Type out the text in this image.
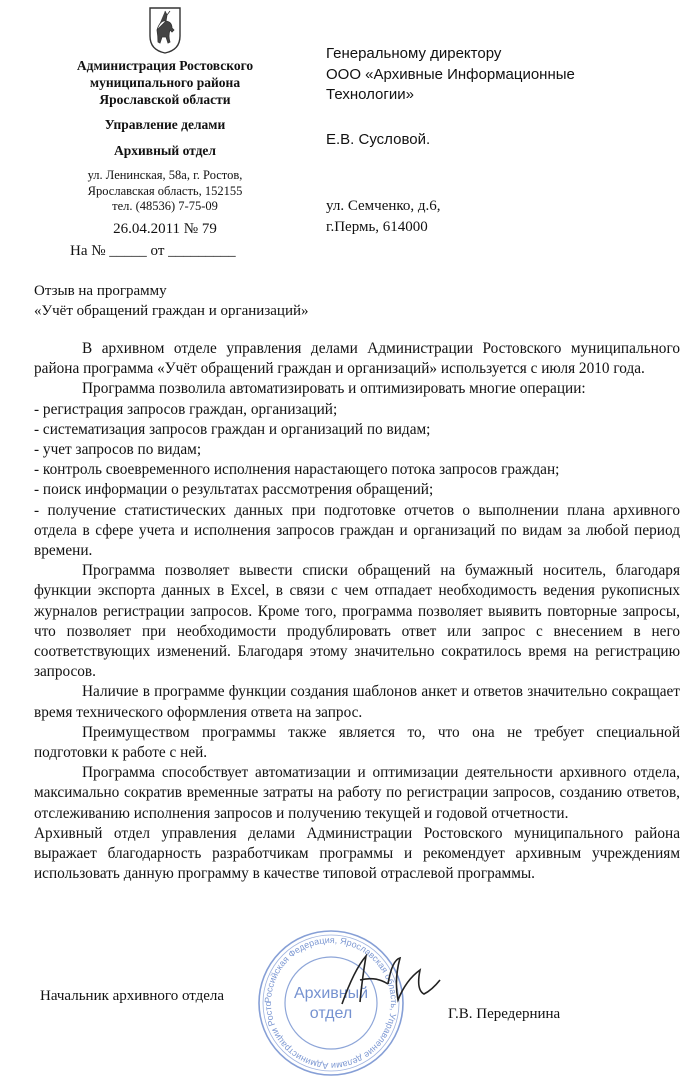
Администрация Ростовского
муниципального района
Ярославской области
Управление делами
Архивный отдел
ул. Ленинская, 58а, г. Ростов,
Ярославская область, 152155
тел. (48536) 7-75-09
26.04.2011 № 79
На № _____ от _________
Генеральному директору
ООО «Архивные Информационные
Технологии»
Е.В. Сусловой.
ул. Семченко, д.6,
г.Пермь, 614000
Отзыв на программу
«Учёт обращений граждан и организаций»

В архивном отделе управления делами Администрации Ростовского муниципального района программа «Учёт обращений граждан и организаций» используется с июля 2010 года.

Программа позволила автоматизировать и оптимизировать многие операции:

- регистрация запросов граждан, организаций;

- систематизация запросов граждан и организаций по видам;

- учет запросов по видам;

- контроль своевременного исполнения нарастающего потока запросов граждан;

- поиск информации о результатах рассмотрения обращений;

- получение статистических данных при подготовке отчетов о выполнении плана архивного отдела в сфере учета и исполнения запросов граждан и организаций по видам за любой период времени.

Программа позволяет вывести списки обращений на бумажный носитель, благодаря функции экспорта данных в Excel, в связи с чем отпадает необходимость ведения рукописных журналов регистрации запросов. Кроме того, программа позволяет выявить повторные запросы, что позволяет при необходимости продублировать ответ или запрос с внесением в него соответствующих изменений. Благодаря этому значительно сократилось время на регистрацию запросов.

Наличие в программе функции создания шаблонов анкет и ответов значительно сокращает время технического оформления ответа на запрос.

Преимуществом программы также является то, что она не требует специальной подготовки к работе с ней.

Программа способствует автоматизации и оптимизации деятельности архивного отдела, максимально сократив временные затраты на работу по регистрации запросов, созданию ответов, отслеживанию исполнения запросов и получению текущей и годовой отчетности.

Архивный отдел управления делами Администрации Ростовского муниципального района выражает благодарность разработчикам программы и рекомендует архивным учреждениям использовать данную программу в качестве типовой отраслевой программы.

Российская Федерация, Ярославская область, Управление делами Администрации Росто
Архивный
отдел
Начальник архивного отдела
Г.В. Передернина
